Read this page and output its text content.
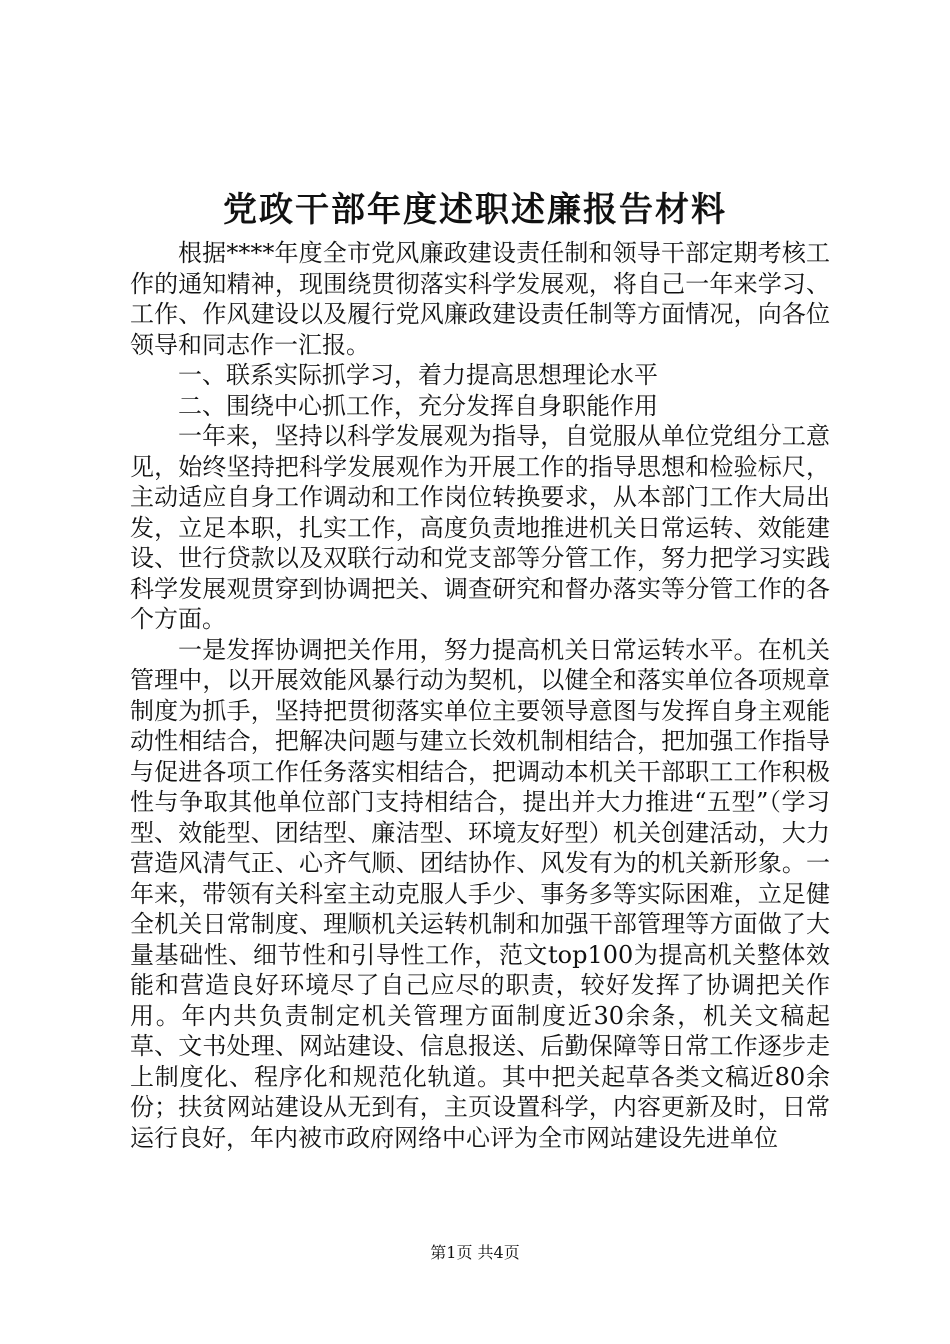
党政干部年度述职述廉报告材料

根据****年度全市党风廉政建设责任制和领导干部定期考核工作的通知精神，现围绕贯彻落实科学发展观，将自己一年来学习、工作、作风建设以及履行党风廉政建设责任制等方面情况，向各位领导和同志作一汇报。

一、联系实际抓学习，着力提高思想理论水平

二、围绕中心抓工作，充分发挥自身职能作用

一年来，坚持以科学发展观为指导，自觉服从单位党组分工意见，始终坚持把科学发展观作为开展工作的指导思想和检验标尺，主动适应自身工作调动和工作岗位转换要求，从本部门工作大局出发，立足本职，扎实工作，高度负责地推进机关日常运转、效能建设、世行贷款以及双联行动和党支部等分管工作，努力把学习实践科学发展观贯穿到协调把关、调查研究和督办落实等分管工作的各个方面。

一是发挥协调把关作用，努力提高机关日常运转水平。在机关管理中，以开展效能风暴行动为契机，以健全和落实单位各项规章制度为抓手，坚持把贯彻落实单位主要领导意图与发挥自身主观能动性相结合，把解决问题与建立长效机制相结合，把加强工作指导与促进各项工作任务落实相结合，把调动本机关干部职工工作积极性与争取其他单位部门支持相结合，提出并大力推进“五型”（学习型、效能型、团结型、廉洁型、环境友好型）机关创建活动，大力营造风清气正、心齐气顺、团结协作、风发有为的机关新形象。一年来，带领有关科室主动克服人手少、事务多等实际困难，立足健全机关日常制度、理顺机关运转机制和加强干部管理等方面做了大量基础性、细节性和引导性工作，范文top100为提高机关整体效能和营造良好环境尽了自己应尽的职责，较好发挥了协调把关作用。年内共负责制定机关管理方面制度近30余条，机关文稿起草、文书处理、网站建设、信息报送、后勤保障等日常工作逐步走上制度化、程序化和规范化轨道。其中把关起草各类文稿近80余份；扶贫网站建设从无到有，主页设置科学，内容更新及时，日常运行良好，年内被市政府网络中心评为全市网站建设先进单位

第1页 共4页
